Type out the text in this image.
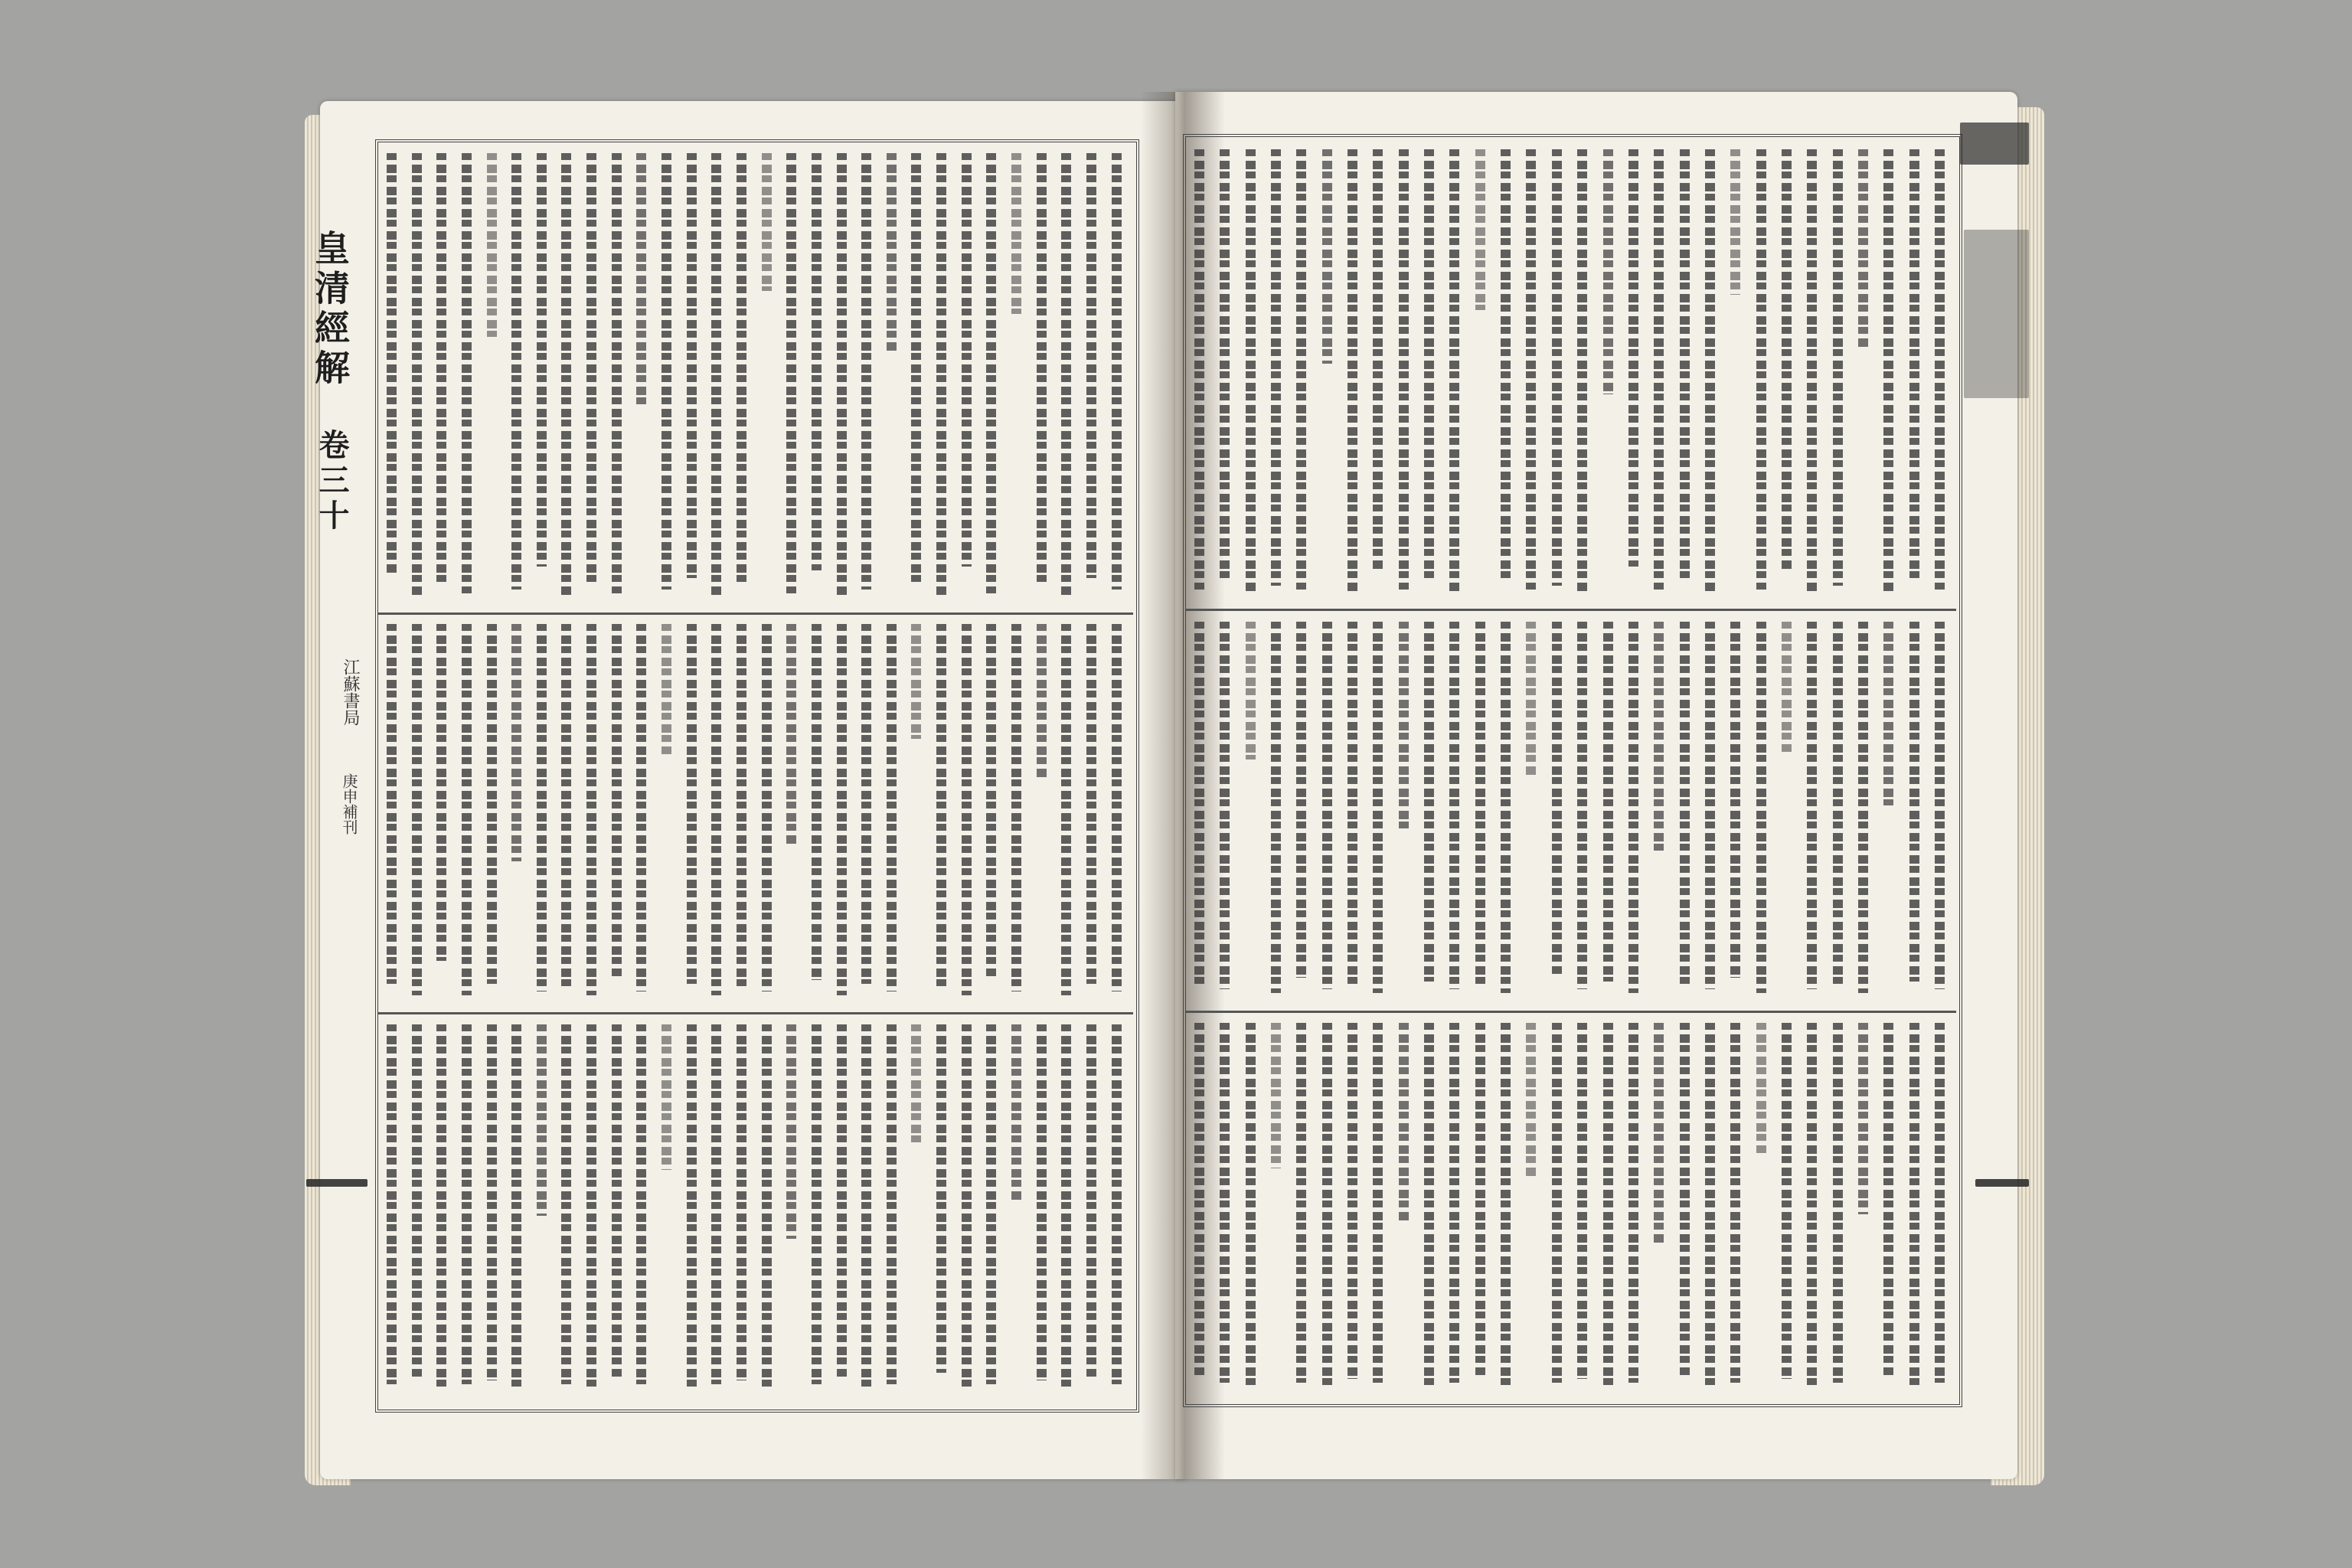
皇清經解
卷三十
江蘇書局
庚申補刊
